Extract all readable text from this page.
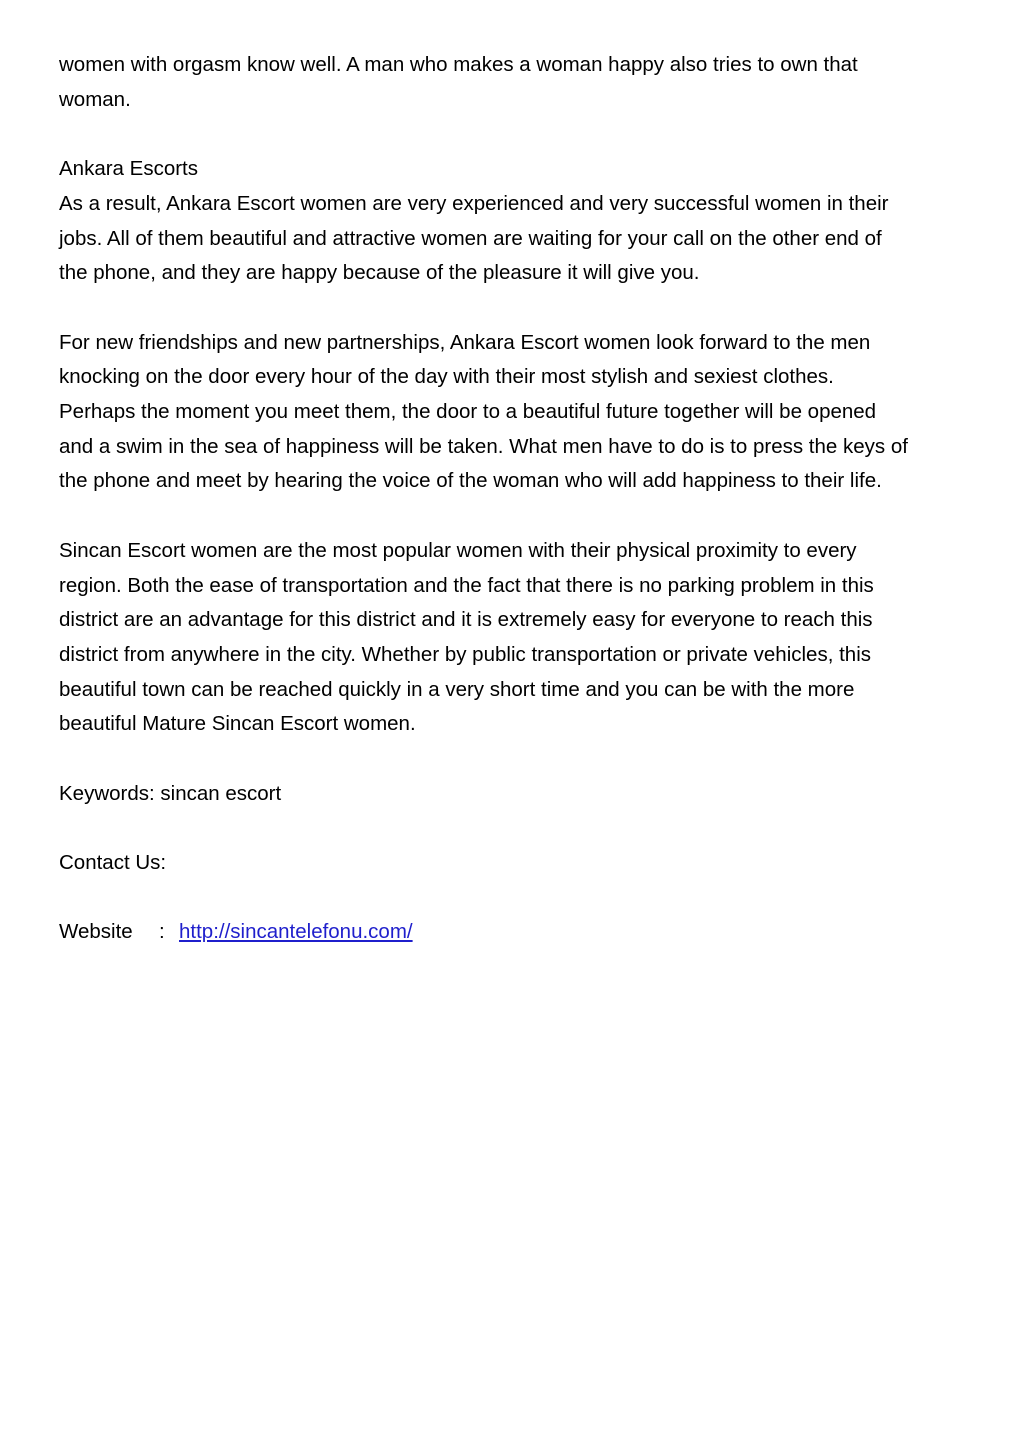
women with orgasm know well. A man who makes a woman happy also tries to own that
woman.
Ankara Escorts
As a result, Ankara Escort women are very experienced and very successful women in their
jobs. All of them beautiful and attractive women are waiting for your call on the other end of
the phone, and they are happy because of the pleasure it will give you.
For new friendships and new partnerships, Ankara Escort women look forward to the men
knocking on the door every hour of the day with their most stylish and sexiest clothes.
Perhaps the moment you meet them, the door to a beautiful future together will be opened
and a swim in the sea of happiness will be taken. What men have to do is to press the keys of
the phone and meet by hearing the voice of the woman who will add happiness to their life.
Sincan Escort women are the most popular women with their physical proximity to every
region. Both the ease of transportation and the fact that there is no parking problem in this
district are an advantage for this district and it is extremely easy for everyone to reach this
district from anywhere in the city. Whether by public transportation or private vehicles, this
beautiful town can be reached quickly in a very short time and you can be with the more
beautiful Mature Sincan Escort women.
Keywords: sincan escort
Contact Us:
Website : http://sincantelefonu.com/
